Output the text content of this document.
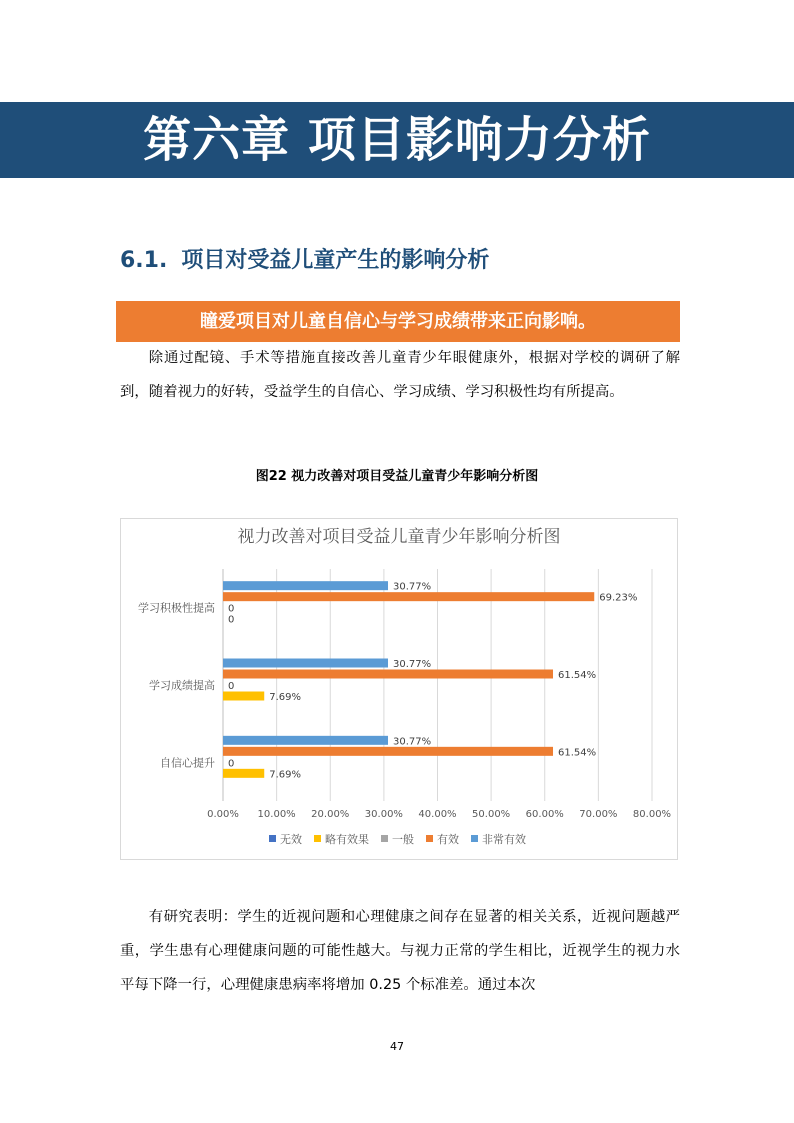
第六章 项目影响力分析
6.1. 项目对受益儿童产生的影响分析
瞳爱项目对儿童自信心与学习成绩带来正向影响。
除通过配镜、手术等措施直接改善儿童青少年眼健康外，根据对学校的调研了解到，随着视力的好转，受益学生的自信心、学习成绩、学习积极性均有所提高。
图22 视力改善对项目受益儿童青少年影响分析图
视力改善对项目受益儿童青少年影响分析图
0.00% 10.00% 20.00% 30.00% 40.00% 50.00% 60.00% 70.00% 80.00%
学习积极性提高
0
0
69.23%
30.77%
学习成绩提高
7.69%
0
61.54%
30.77%
自信心提升
7.69%
0
61.54%
30.77%
无效 略有效果 一般 有效 非常有效
有研究表明：学生的近视问题和心理健康之间存在显著的相关关系，近视问题越严重，学生患有心理健康问题的可能性越大。与视力正常的学生相比，近视学生的视力水平每下降一行，心理健康患病率将增加 0.25 个标准差。通过本次
47
